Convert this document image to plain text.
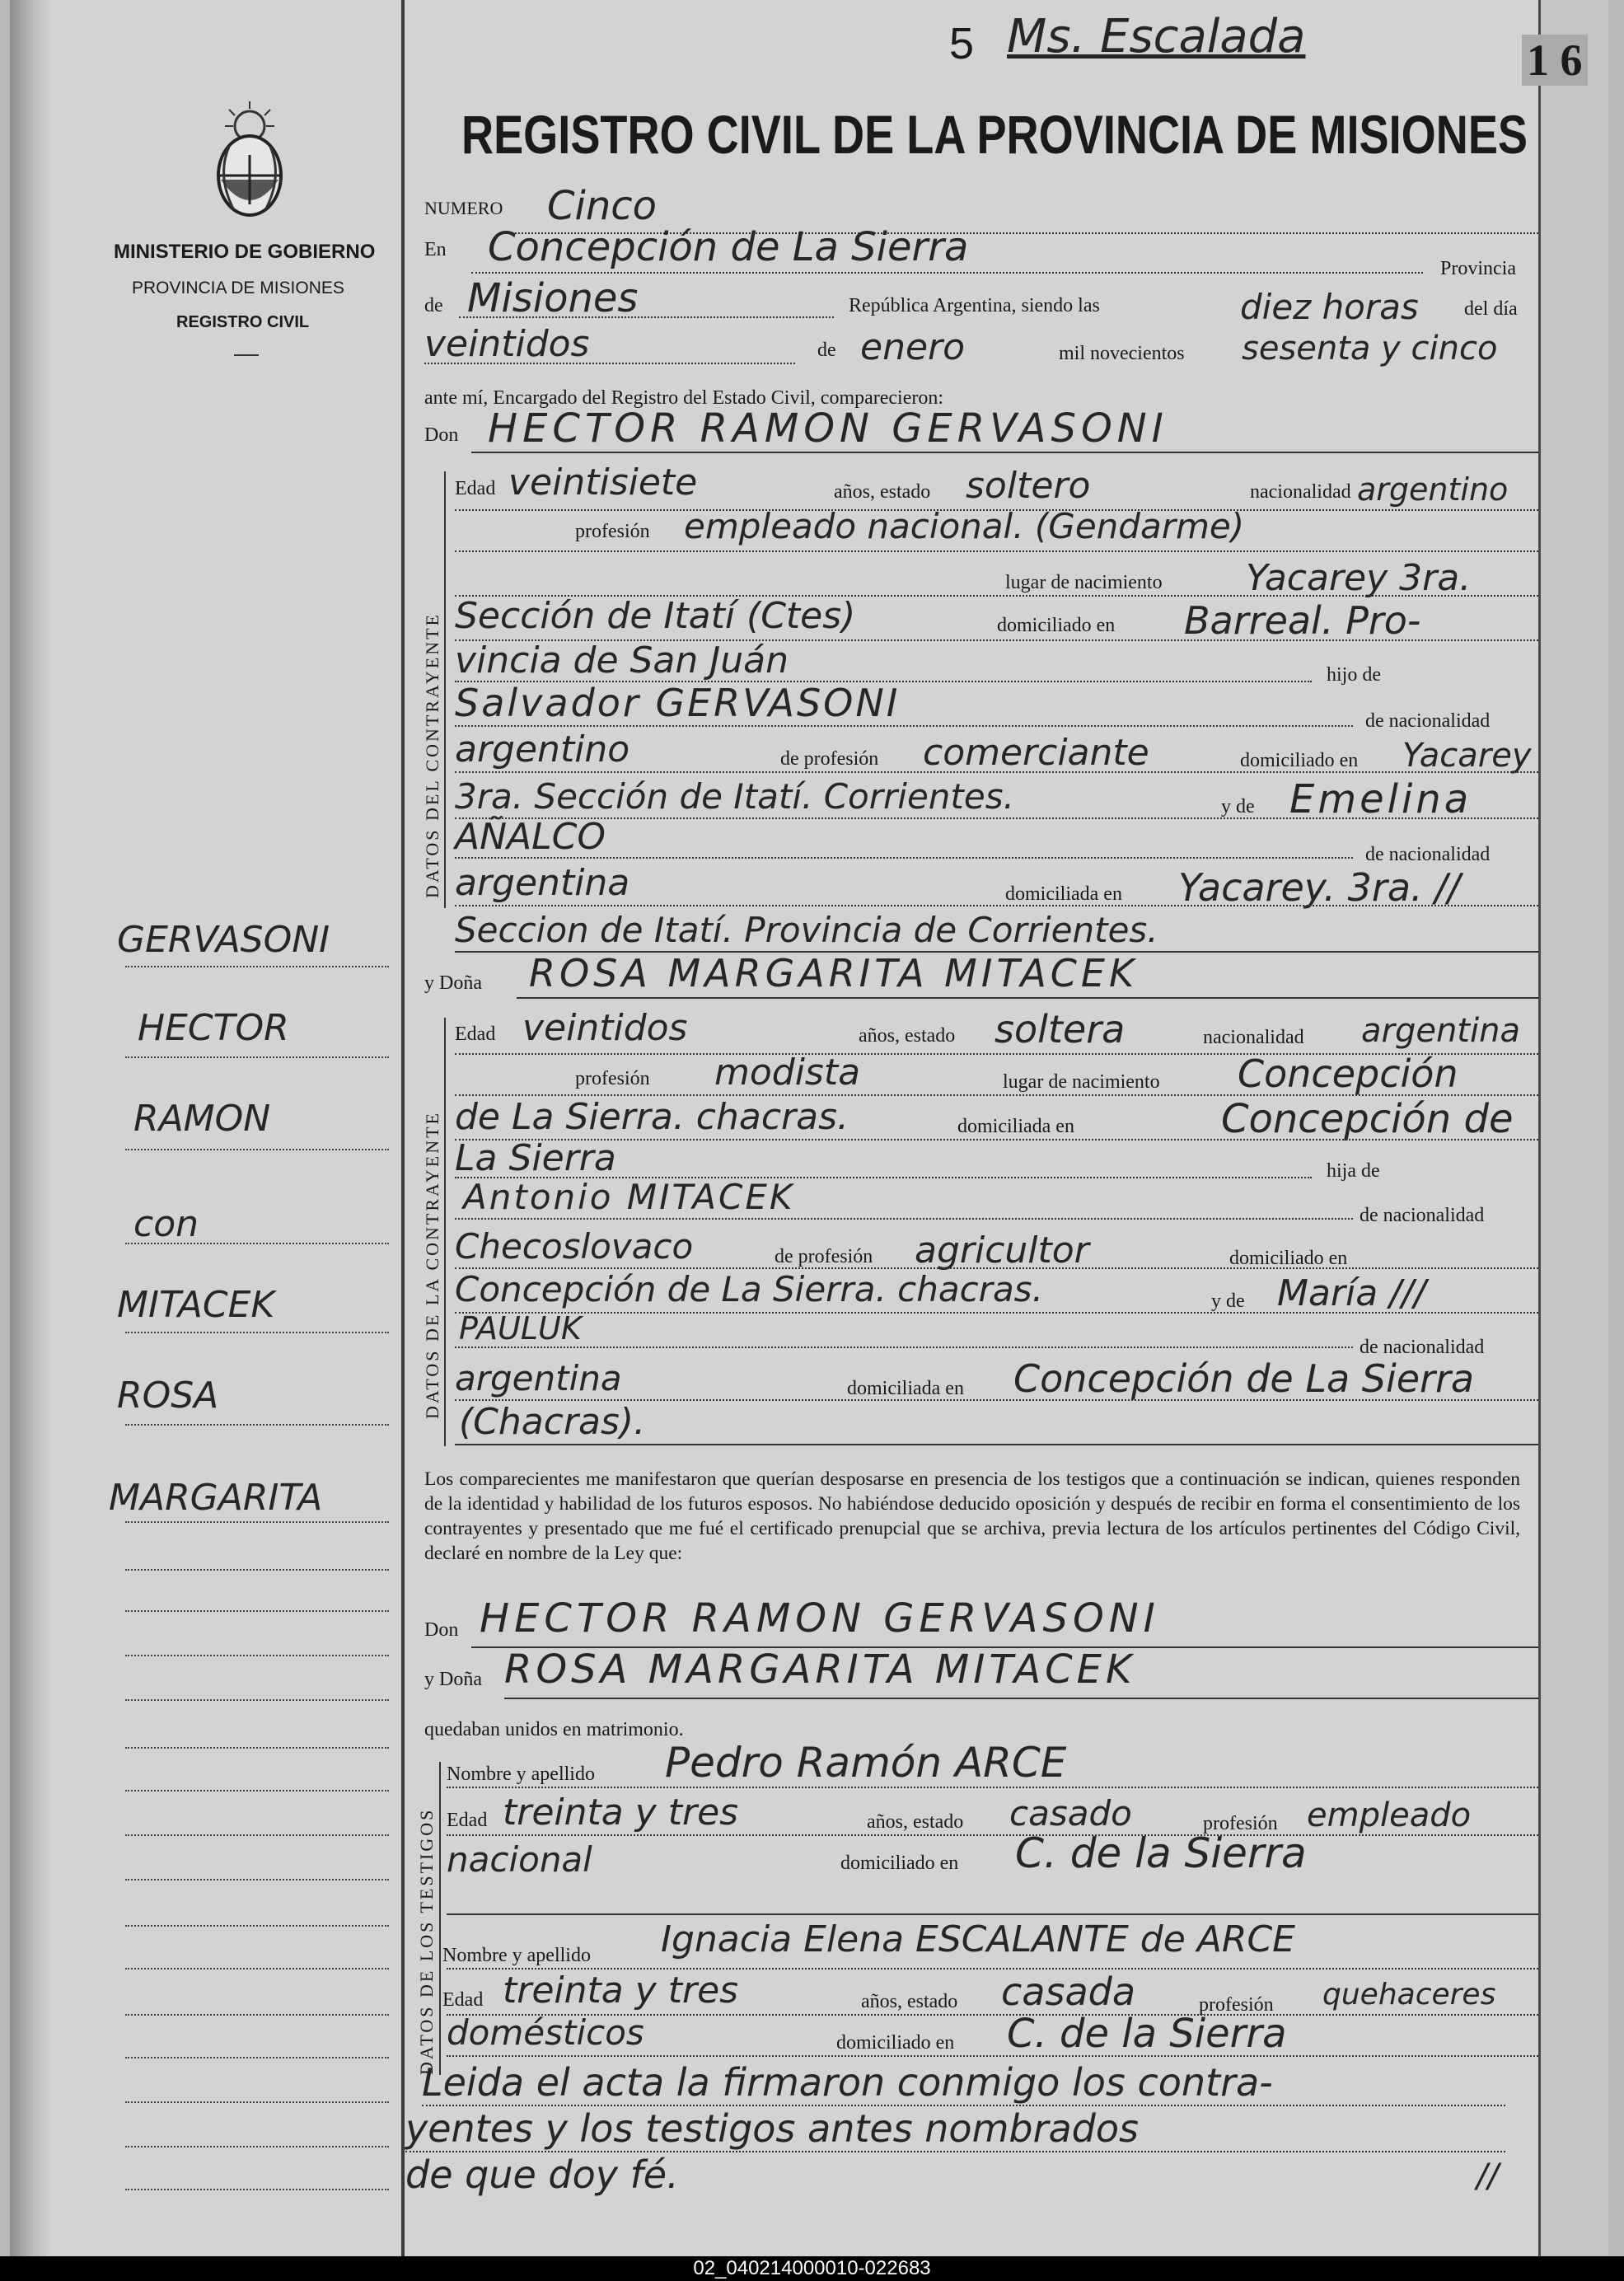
MINISTERIO DE GOBIERNO
PROVINCIA DE MISIONES
REGISTRO CIVIL
5 Ms. Escalada	1 6
REGISTRO CIVIL DE LA PROVINCIA DE MISIONES
NUMERO Cinco
En Concepción de La Sierra	Provincia
de Misiones	República Argentina, siendo las	diez horas del día
veintidos	de enero	mil novecientos sesenta y cinco
ante mí, Encargado del Registro del Estado Civil, comparecieron:
Don HECTOR RAMON GERVASONI
DATOS DEL CONTRAYENTE
Edad veintisiete	años, estado soltero	nacionalidad argentino
profesión empleado nacional. (Gendarme)
lugar de nacimiento Yacarey 3ra.
Sección de Itatí (Ctes)	domiciliado en Barreal. Pro-
vincia de San Juán	hijo de
Salvador GERVASONI	de nacionalidad
argentino	de profesión comerciante	domiciliado en Yacarey
3ra. Sección de Itatí. Corrientes.	y de Emelina
AÑALCO	de nacionalidad
argentina	domiciliada en Yacarey. 3ra. //
Seccion de Itatí. Provincia de Corrientes.
y Doña ROSA MARGARITA MITACEK
DATOS DE LA CONTRAYENTE
Edad veintidos	años, estado soltera	nacionalidad argentina
profesión modista	lugar de nacimiento Concepción
de La Sierra. chacras.	domiciliada en	Concepción de
La Sierra	hija de
Antonio MITACEK	de nacionalidad
Checoslovaco	de profesión agricultor	domiciliado en
Concepción de La Sierra. chacras.	y de María ///
PAULUK
de nacionalidad
argentina	domiciliada en Concepción de La Sierra
(Chacras).
Los comparecientes me manifestaron que querían desposarse en presencia de los testigos que a continuación se indican, quienes responden de la identidad y habilidad de los futuros esposos. No habiéndose deducido oposición y después de recibir en forma el consentimiento de los contrayentes y presentado que me fué el certificado prenupcial que se archiva, previa lectura de los artículos pertinentes del Código Civil, declaré en nombre de la Ley que:
Don HECTOR RAMON GERVASONI
y Doña ROSA MARGARITA MITACEK
quedaban unidos en matrimonio.
DATOS DE LOS TESTIGOS
Nombre y apellido Pedro Ramón ARCE
Edad treinta y tres	años, estado casado	profesión empleado
nacional	domiciliado en C. de la Sierra
Nombre y apellido Ignacia Elena ESCALANTE de ARCE
Edad treinta y tres	años, estado casada	profesión quehaceres
domésticos	domiciliado en C. de la Sierra
Leida el acta la firmaron conmigo los contra-
yentes y los testigos antes nombrados
de que doy fé.	//
GERVASONI
HECTOR
RAMON
con
MITACEK
ROSA
MARGARITA
02_040214000010-022683
